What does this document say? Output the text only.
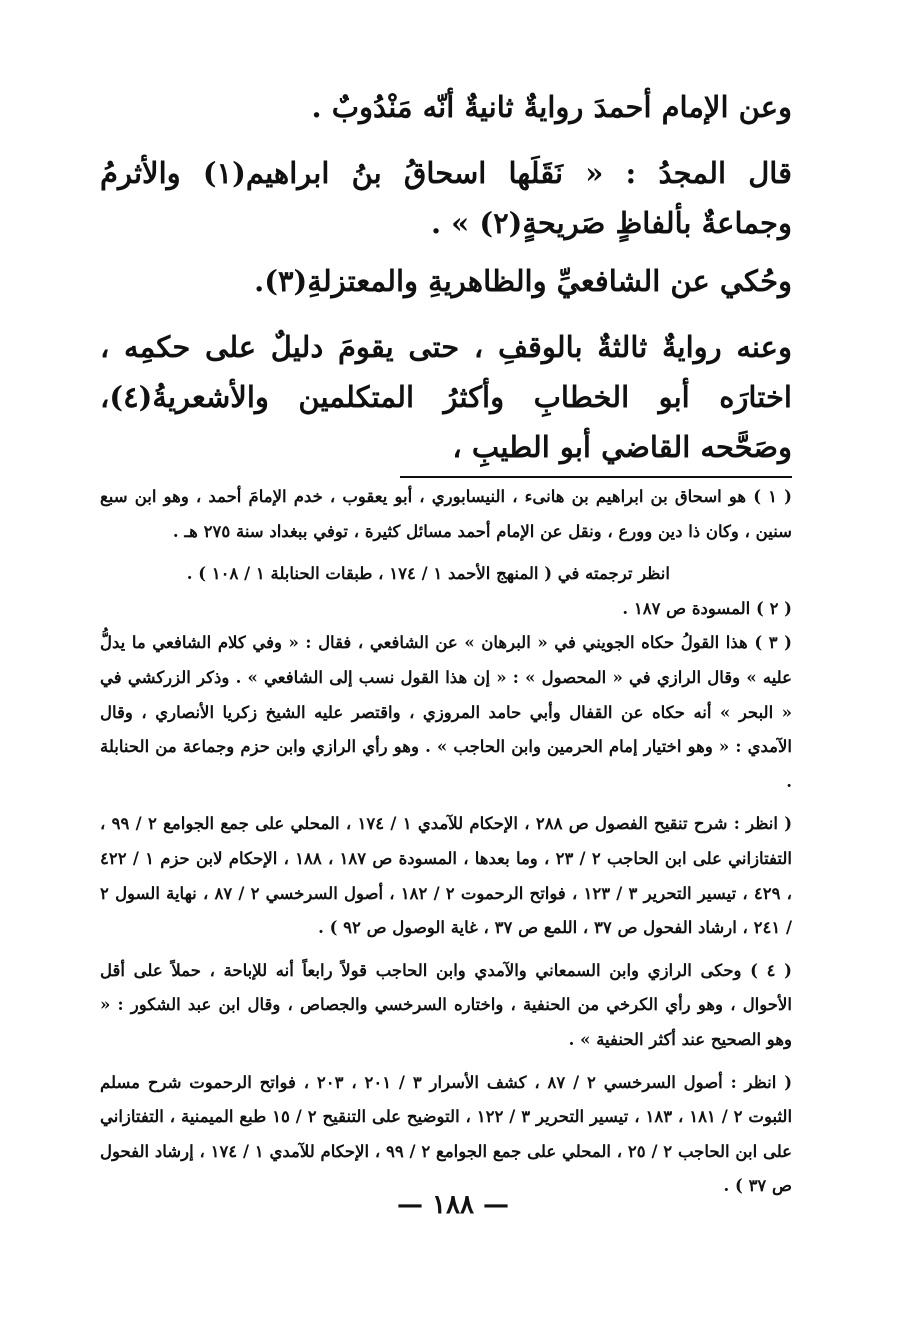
وعن الإمام أحمدَ روايةٌ ثانيةٌ أنّه مَنْدُوبٌ .

قال المجدُ : « نَقَلَها اسحاقُ بنُ ابراهيم(١) والأثرمُ وجماعةٌ بألفاظٍ صَريحةٍ(٢) » .

وحُكي عن الشافعيِّ والظاهريةِ والمعتزلةِ(٣).

وعنه روايةٌ ثالثةٌ بالوقفِ ، حتى يقومَ دليلٌ على حكمِه ، اختارَه أبو الخطابِ وأكثرُ المتكلمين والأشعريةُ(٤)، وصَحَّحه القاضي أبو الطيبِ ،

( ١ ) هو اسحاق بن ابراهيم بن هانىء ، النيسابوري ، أبو يعقوب ، خدم الإمامَ أحمد ، وهو ابن سبع سنين ، وكان ذا دين وورع ، ونقل عن الإمام أحمد مسائل كثيرة ، توفي ببغداد سنة ٢٧٥ هـ .

انظر ترجمته في ( المنهج الأحمد ١ / ١٧٤ ، طبقات الحنابلة ١ / ١٠٨ ) .

( ٢ ) المسودة ص ١٨٧ .

( ٣ ) هذا القولُ حكاه الجويني في « البرهان » عن الشافعي ، فقال : « وفي كلام الشافعي ما يدلُّ عليه » وقال الرازي في « المحصول » : « إن هذا القول نسب إلى الشافعي » . وذكر الزركشي في « البحر » أنه حكاه عن القفال وأبي حامد المروزي ، واقتصر عليه الشيخ زكريا الأنصاري ، وقال الآمدي : « وهو اختيار إمام الحرمين وابن الحاجب » . وهو رأي الرازي وابن حزم وجماعة من الحنابلة .

( انظر : شرح تنقيح الفصول ص ٢٨٨ ، الإحكام للآمدي ١ / ١٧٤ ، المحلي على جمع الجوامع ٢ / ٩٩ ، التفتازاني على ابن الحاجب ٢ / ٢٣ ، وما بعدها ، المسودة ص ١٨٧ ، ١٨٨ ، الإحكام لابن حزم ١ / ٤٢٢ ، ٤٢٩ ، تيسير التحرير ٣ / ١٢٣ ، فواتح الرحموت ٢ / ١٨٢ ، أصول السرخسي ٢ / ٨٧ ، نهاية السول ٢ / ٢٤١ ، ارشاد الفحول ص ٣٧ ، اللمع ص ٣٧ ، غاية الوصول ص ٩٢ ) .

( ٤ ) وحكى الرازي وابن السمعاني والآمدي وابن الحاجب قولاً رابعاً أنه للإباحة ، حملاً على أقل الأحوال ، وهو رأي الكرخي من الحنفية ، واختاره السرخسي والجصاص ، وقال ابن عبد الشكور : « وهو الصحيح عند أكثر الحنفية » .

( انظر : أصول السرخسي ٢ / ٨٧ ، كشف الأسرار ٣ / ٢٠١ ، ٢٠٣ ، فواتح الرحموت شرح مسلم الثبوت ٢ / ١٨١ ، ١٨٣ ، تيسير التحرير ٣ / ١٢٢ ، التوضيح على التنقيح ٢ / ١٥ طبع الميمنية ، التفتازاني على ابن الحاجب ٢ / ٢٥ ، المحلي على جمع الجوامع ٢ / ٩٩ ، الإحكام للآمدي ١ / ١٧٤ ، إرشاد الفحول ص ٣٧ ) .

— ١٨٨ —
